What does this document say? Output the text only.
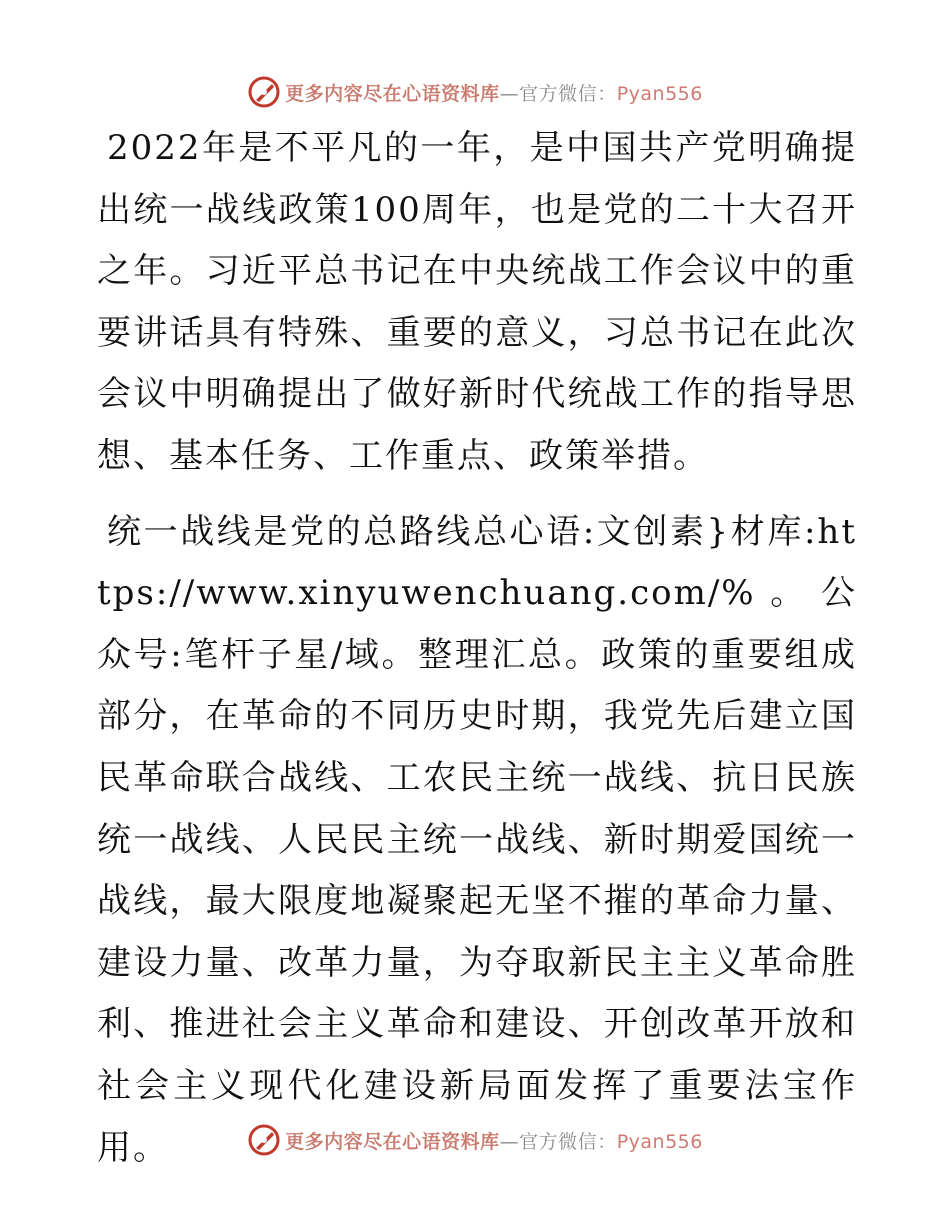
更多内容尽在心语资料库—官方微信：Pyan556

2022年是不平凡的一年，是中国共产党明确提出统一战线政策100周年，也是党的二十大召开之年。习近平总书记在中央统战工作会议中的重要讲话具有特殊、重要的意义，习总书记在此次会议中明确提出了做好新时代统战工作的指导思想、基本任务、工作重点、政策举措。

统一战线是党的总路线总心语:文创素}材库:https://www.xinyuwenchuang.com/%。公众号:笔杆子星/域。整理汇总。政策的重要组成部分，在革命的不同历史时期，我党先后建立国民革命联合战线、工农民主统一战线、抗日民族统一战线、人民民主统一战线、新时期爱国统一战线，最大限度地凝聚起无坚不摧的革命力量、建设力量、改革力量，为夺取新民主主义革命胜利、推进社会主义革命和建设、开创改革开放和社会主义现代化建设新局面发挥了重要法宝作用。	更多内容尽在心语资料库—官方微信：Pyan556
